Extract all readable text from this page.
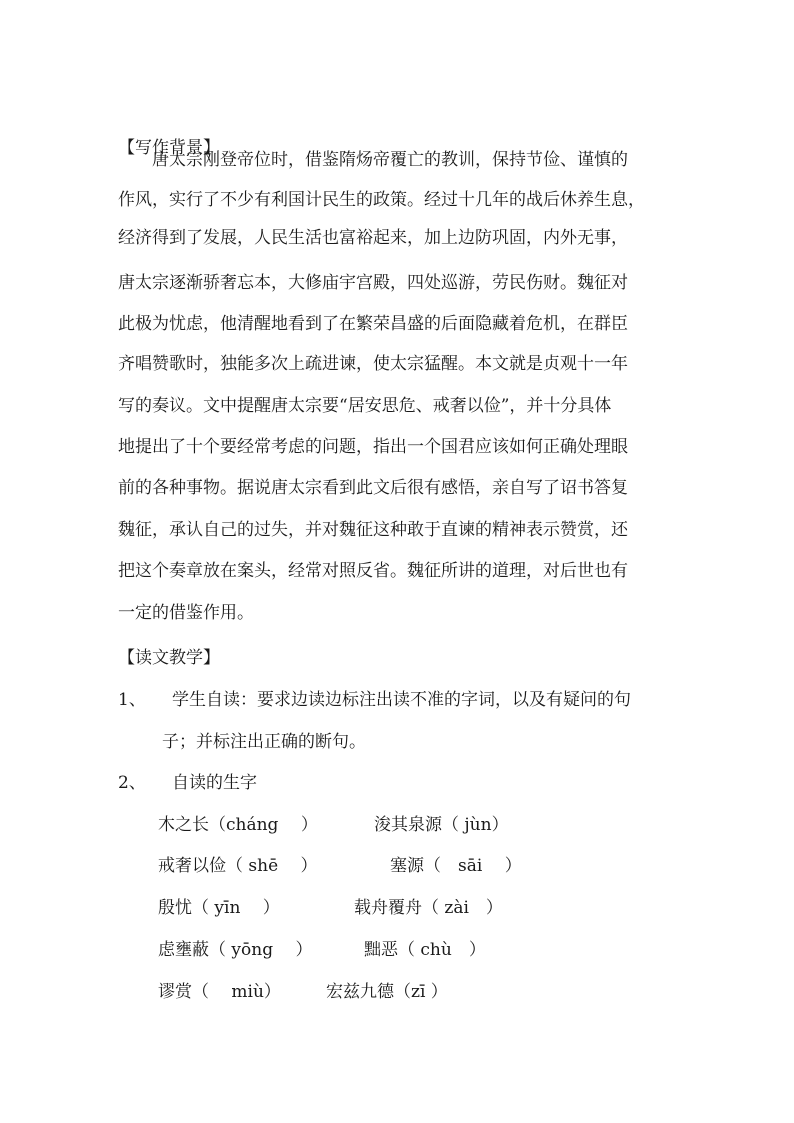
【写作背景】
唐太宗刚登帝位时，借鉴隋炀帝覆亡的教训，保持节俭、谨慎的
作风，实行了不少有利国计民生的政策。经过十几年的战后休养生息，
经济得到了发展，人民生活也富裕起来，加上边防巩固，内外无事，
唐太宗逐渐骄奢忘本，大修庙宇宫殿，四处巡游，劳民伤财。魏征对
此极为忧虑，他清醒地看到了在繁荣昌盛的后面隐藏着危机，在群臣
齐唱赞歌时，独能多次上疏进谏，使太宗猛醒。本文就是贞观十一年
写的奏议。文中提醒唐太宗要“居安思危、戒奢以俭”，并十分具体
地提出了十个要经常考虑的问题，指出一个国君应该如何正确处理眼
前的各种事物。据说唐太宗看到此文后很有感悟，亲自写了诏书答复
魏征，承认自己的过失，并对魏征这种敢于直谏的精神表示赞赏，还
把这个奏章放在案头，经常对照反省。魏征所讲的道理，对后世也有
一定的借鉴作用。
【读文教学】
1、 学生自读：要求边读边标注出读不准的字词，以及有疑问的句
子；并标注出正确的断句。
2、 自读的生字
木之长（cháng　 ）	浚其泉源（ jùn）
戒奢以俭（ shē　 ）	塞源（　sāi　 ）
殷忧（ yīn　 ）	载舟覆舟（ zài　）
虑壅蔽（ yōng　 ）	黜恶（ chù　）
谬赏（　 miù）	宏兹九德（zī ）
